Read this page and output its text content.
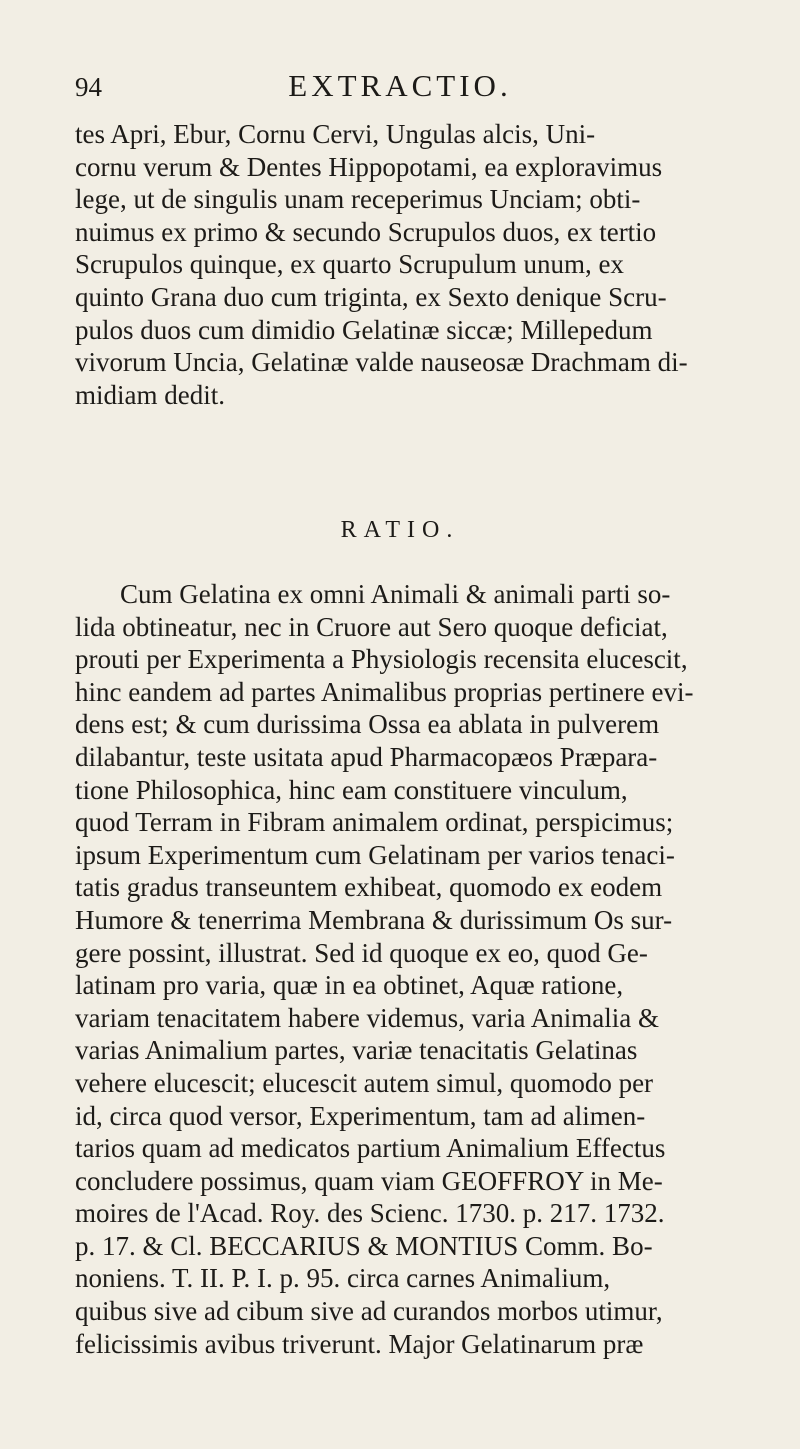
94	EXTRACTIO.
tes Apri, Ebur, Cornu Cervi, Ungulas alcis, Uni-
cornu verum & Dentes Hippopotami, ea exploravimus
lege, ut de singulis unam receperimus Unciam; obti-
nuimus ex primo & secundo Scrupulos duos, ex tertio
Scrupulos quinque, ex quarto Scrupulum unum, ex
quinto Grana duo cum triginta, ex Sexto denique Scru-
pulos duos cum dimidio Gelatinæ siccæ; Millepedum
vivorum Uncia, Gelatinæ valde nauseosæ Drachmam di-
midiam dedit.
RATIO.
Cum Gelatina ex omni Animali & animali parti so-
lida obtineatur, nec in Cruore aut Sero quoque deficiat,
prouti per Experimenta a Physiologis recensita elucescit,
hinc eandem ad partes Animalibus proprias pertinere evi-
dens est; & cum durissima Ossa ea ablata in pulverem
dilabantur, teste usitata apud Pharmacopæos Præpara-
tione Philosophica, hinc eam constituere vinculum,
quod Terram in Fibram animalem ordinat, perspicimus;
ipsum Experimentum cum Gelatinam per varios tenaci-
tatis gradus transeuntem exhibeat, quomodo ex eodem
Humore & tenerrima Membrana & durissimum Os sur-
gere possint, illustrat. Sed id quoque ex eo, quod Ge-
latinam pro varia, quæ in ea obtinet, Aquæ ratione,
variam tenacitatem habere videmus, varia Animalia &
varias Animalium partes, variæ tenacitatis Gelatinas
vehere elucescit; elucescit autem simul, quomodo per
id, circa quod versor, Experimentum, tam ad alimen-
tarios quam ad medicatos partium Animalium Effectus
concludere possimus, quam viam GEOFFROY in Me-
moires de l'Acad. Roy. des Scienc. 1730. p. 217. 1732.
p. 17. & Cl. BECCARIUS & MONTIUS Comm. Bo-
noniens. T. II. P. I. p. 95. circa carnes Animalium,
quibus sive ad cibum sive ad curandos morbos utimur,
felicissimis avibus triverunt. Major Gelatinarum præ
